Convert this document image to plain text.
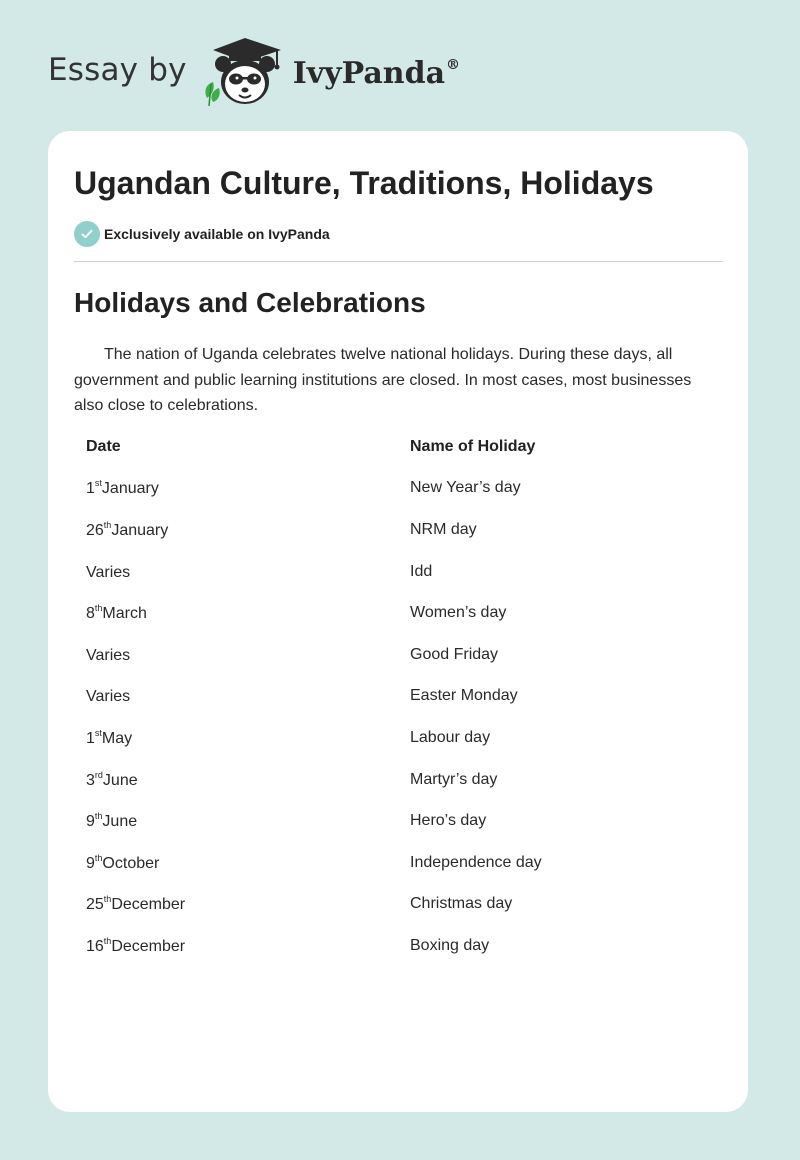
Essay by	IvyPanda®
Ugandan Culture, Traditions, Holidays
Exclusively available on IvyPanda
Holidays and Celebrations

The nation of Uganda celebrates twelve national holidays. During these days, all government and public learning institutions are closed. In most cases, most businesses also close to celebrations.

Date	Name of Holiday
1stJanuary	New Year’s day
26thJanuary	NRM day
Varies	Idd
8thMarch	Women’s day
Varies	Good Friday
Varies	Easter Monday
1stMay	Labour day
3rdJune	Martyr’s day
9thJune	Hero’s day
9thOctober	Independence day
25thDecember	Christmas day
16thDecember	Boxing day
